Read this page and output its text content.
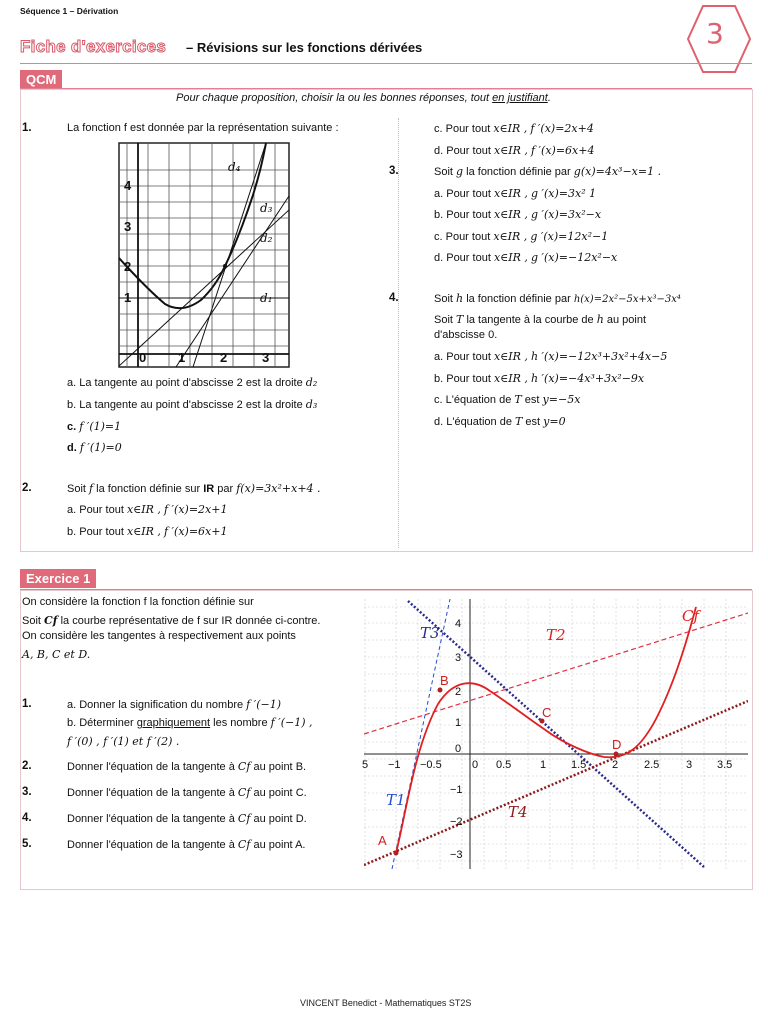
Séquence 1 – Dérivation
Fiche d'exercices – Révisions sur les fonctions dérivées	3
QCM
Pour chaque proposition, choisir la ou les bonnes réponses, tout en justifiant.
1.	La fonction f est donnée par la représentation suivante :
4
3
2
1
0 1	2	3
d₄
d₃
d₂
d₁
a. La tangente au point d'abscisse 2 est la droite d₂
b. La tangente au point d'abscisse 2 est la droite d₃
c. f ′(1)=1
d. f ′(1)=0
2.	Soit f la fonction définie sur IR par f(x)=3x²+x+4 .
a. Pour tout x∈IR , f ′(x)=2x+1
b. Pour tout x∈IR , f ′(x)=6x+1
c. Pour tout x∈IR , f ′(x)=2x+4
d. Pour tout x∈IR , f ′(x)=6x+4
3.	Soit g la fonction définie par g(x)=4x³−x=1 .
a. Pour tout x∈IR , g ′(x)=3x² 1
b. Pour tout x∈IR , g ′(x)=3x²−x
c. Pour tout x∈IR , g ′(x)=12x²−1
d. Pour tout x∈IR , g ′(x)=−12x²−x
4.	Soit h la fonction définie par h(x)=2x²−5x+x³−3x⁴
Soit T la tangente à la courbe de h au point
d'abscisse 0.
a. Pour tout x∈IR , h ′(x)=−12x³+3x²+4x−5
b. Pour tout x∈IR , h ′(x)=−4x³+3x²−9x
c. L'équation de T est y=−5x
d. L'équation de T est y=0
Exercice 1
On considère la fonction f la fonction définie sur
Soit Cf la courbe représentative de f sur IR donnée ci-contre.
On considère les tangentes à respectivement aux points
A, B, C et D.
1.	a. Donner la signification du nombre f ′(−1)
b. Déterminer graphiquement les nombre f ′(−1) ,
f ′(0) , f ′(1) et f ′(2) .
2.	Donner l'équation de la tangente à Cf au point B.
3.	Donner l'équation de la tangente à Cf au point C.
4.	Donner l'équation de la tangente à Cf au point D.
5.	Donner l'équation de la tangente à Cf au point A.
5 −1 −0.5	0 0.5	1 1.5 2 2.5 3 3.5
4
3
2
1
0
−1
−2
−3
Cf
T2
T3
T1
T4
A
B
C
D
VINCENT Benedict - Mathematiques ST2S
